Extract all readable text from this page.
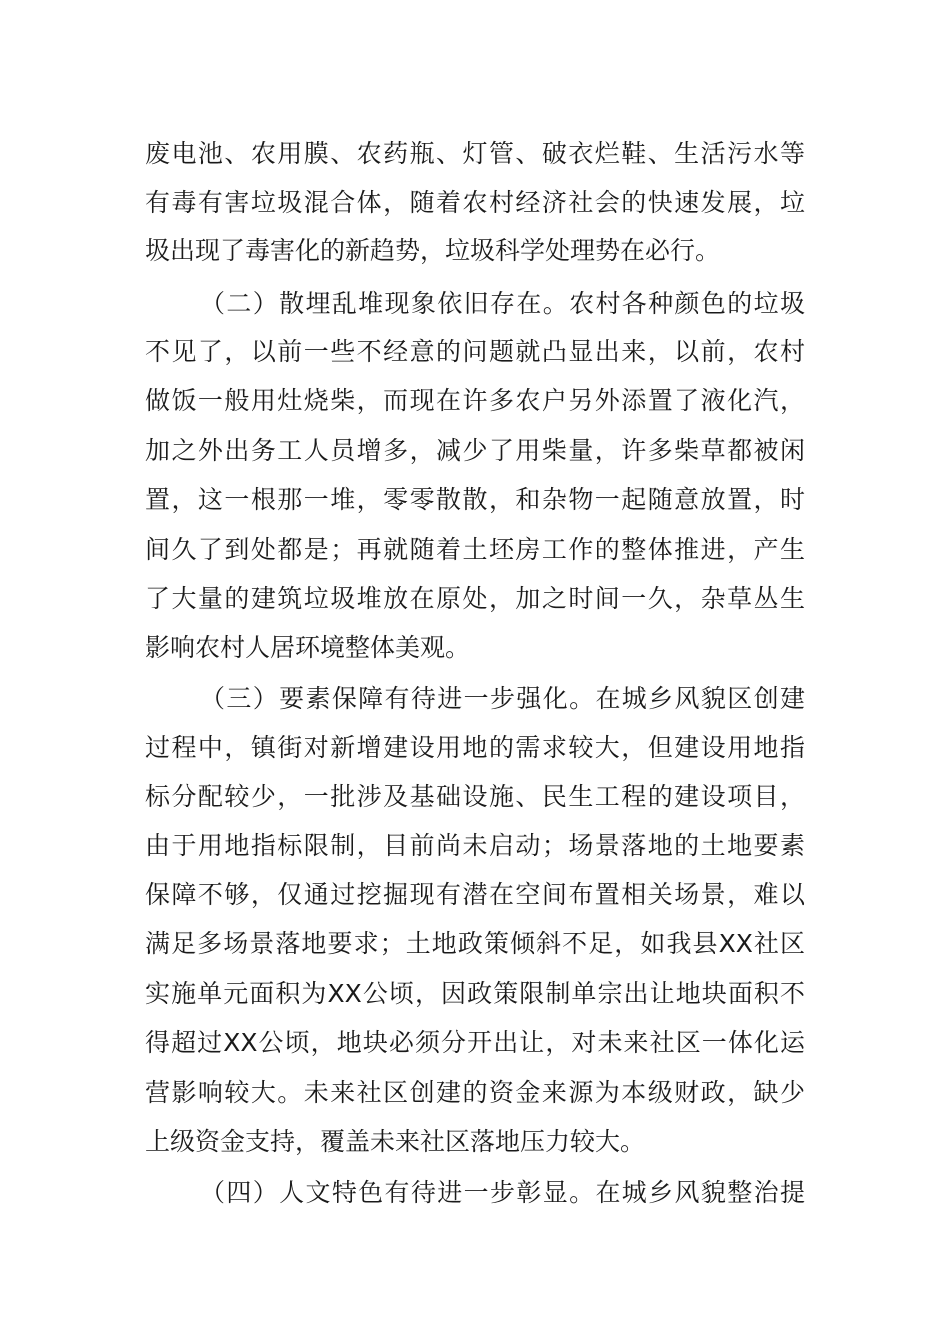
废电池、农用膜、农药瓶、灯管、破衣烂鞋、生活污水等
有毒有害垃圾混合体，随着农村经济社会的快速发展，垃
圾出现了毒害化的新趋势，垃圾科学处理势在必行。
（二）散埋乱堆现象依旧存在。农村各种颜色的垃圾
不见了，以前一些不经意的问题就凸显出来，以前，农村
做饭一般用灶烧柴，而现在许多农户另外添置了液化汽，
加之外出务工人员增多，减少了用柴量，许多柴草都被闲
置，这一根那一堆，零零散散，和杂物一起随意放置，时
间久了到处都是；再就随着土坯房工作的整体推进，产生
了大量的建筑垃圾堆放在原处，加之时间一久，杂草丛生
影响农村人居环境整体美观。
（三）要素保障有待进一步强化。在城乡风貌区创建
过程中，镇街对新增建设用地的需求较大，但建设用地指
标分配较少，一批涉及基础设施、民生工程的建设项目，
由于用地指标限制，目前尚未启动；场景落地的土地要素
保障不够，仅通过挖掘现有潜在空间布置相关场景，难以
满足多场景落地要求；土地政策倾斜不足，如我县XX社区
实施单元面积为XX公顷，因政策限制单宗出让地块面积不
得超过XX公顷，地块必须分开出让，对未来社区一体化运
营影响较大。未来社区创建的资金来源为本级财政，缺少
上级资金支持，覆盖未来社区落地压力较大。
（四）人文特色有待进一步彰显。在城乡风貌整治提
